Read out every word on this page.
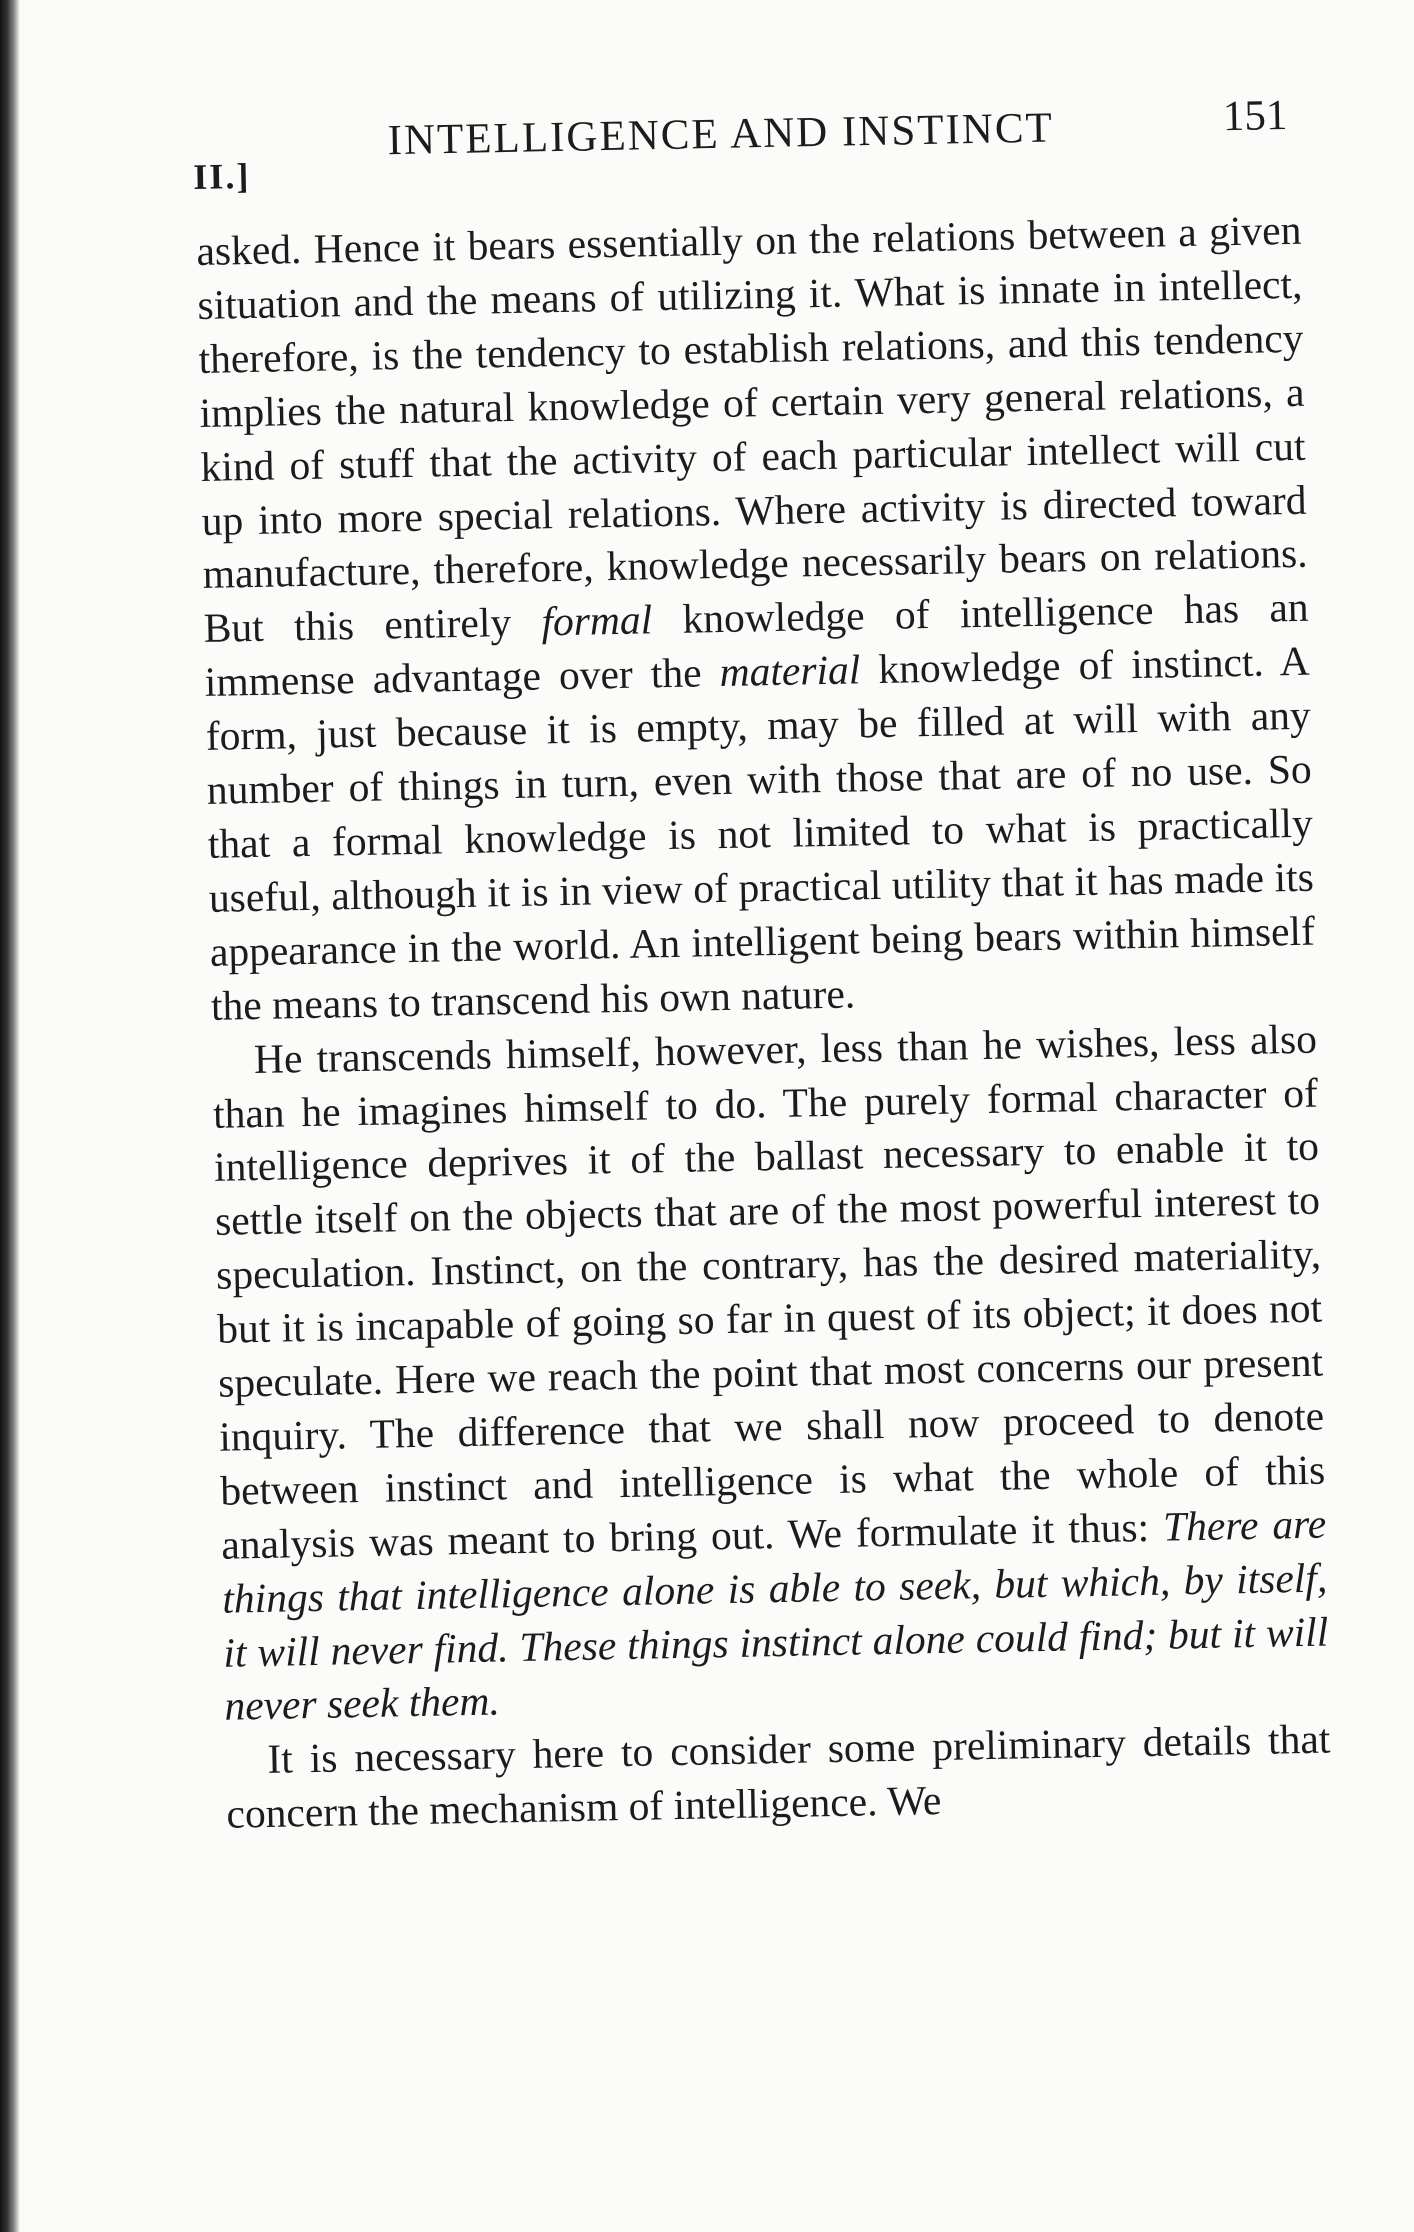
II.]
INTELLIGENCE AND INSTINCT	151

asked. Hence it bears essentially on the relations between a given situation and the means of utilizing it. What is innate in intellect, therefore, is the tendency to establish relations, and this tendency implies the natural knowledge of certain very general relations, a kind of stuff that the activity of each particular intellect will cut up into more special relations. Where activity is directed toward manufacture, therefore, knowledge necessarily bears on relations. But this entirely formal knowledge of intelligence has an immense advantage over the material knowledge of instinct. A form, just because it is empty, may be filled at will with any number of things in turn, even with those that are of no use. So that a formal knowledge is not limited to what is practically useful, although it is in view of practical utility that it has made its appearance in the world. An intelligent being bears within himself the means to transcend his own nature.

He transcends himself, however, less than he wishes, less also than he imagines himself to do. The purely formal character of intelligence deprives it of the ballast necessary to enable it to settle itself on the objects that are of the most powerful interest to speculation. Instinct, on the contrary, has the desired materiality, but it is incapable of going so far in quest of its object; it does not speculate. Here we reach the point that most concerns our present inquiry. The difference that we shall now proceed to denote between instinct and intelligence is what the whole of this analysis was meant to bring out. We formulate it thus: There are things that intelligence alone is able to seek, but which, by itself, it will never find. These things instinct alone could find; but it will never seek them.

It is necessary here to consider some preliminary details that concern the mechanism of intelligence. We
